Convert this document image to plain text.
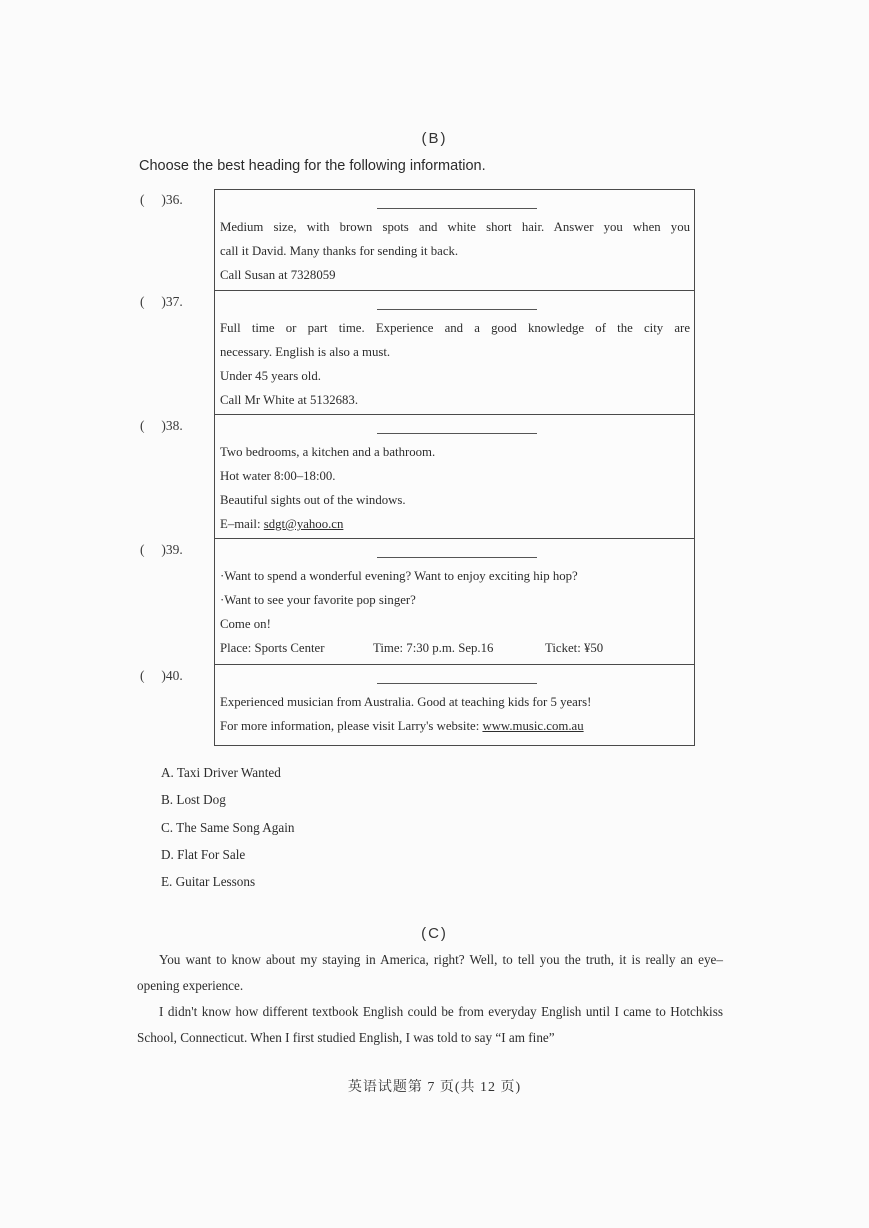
(B)
Choose the best heading for the following information.
(     )36.
Medium size, with brown spots and white short hair. Answer you when you
call it David. Many thanks for sending it back.
Call Susan at 7328059
(     )37.
Full time or part time. Experience and a good knowledge of the city are
necessary. English is also a must.
Under 45 years old.
Call Mr White at 5132683.
(     )38.
Two bedrooms, a kitchen and a bathroom.
Hot water 8:00–18:00.
Beautiful sights out of the windows.
E–mail: sdgt@yahoo.cn
(     )39.
·Want to spend a wonderful evening? Want to enjoy exciting hip hop?
·Want to see your favorite pop singer?
Come on!
Place: Sports Center	Time: 7:30 p.m. Sep.16	Ticket: ¥50
(     )40.
Experienced musician from Australia. Good at teaching kids for 5 years!
For more information, please visit Larry's website: www.music.com.au
A. Taxi Driver Wanted
B. Lost Dog
C. The Same Song Again
D. Flat For Sale
E. Guitar Lessons
(C)

You want to know about my staying in America, right? Well, to tell you the truth, it is really an eye–opening experience.

I didn't know how different textbook English could be from everyday English until I came to Hotchkiss School, Connecticut. When I first studied English, I was told to say “I am fine”

英语试题第 7 页(共 12 页)
